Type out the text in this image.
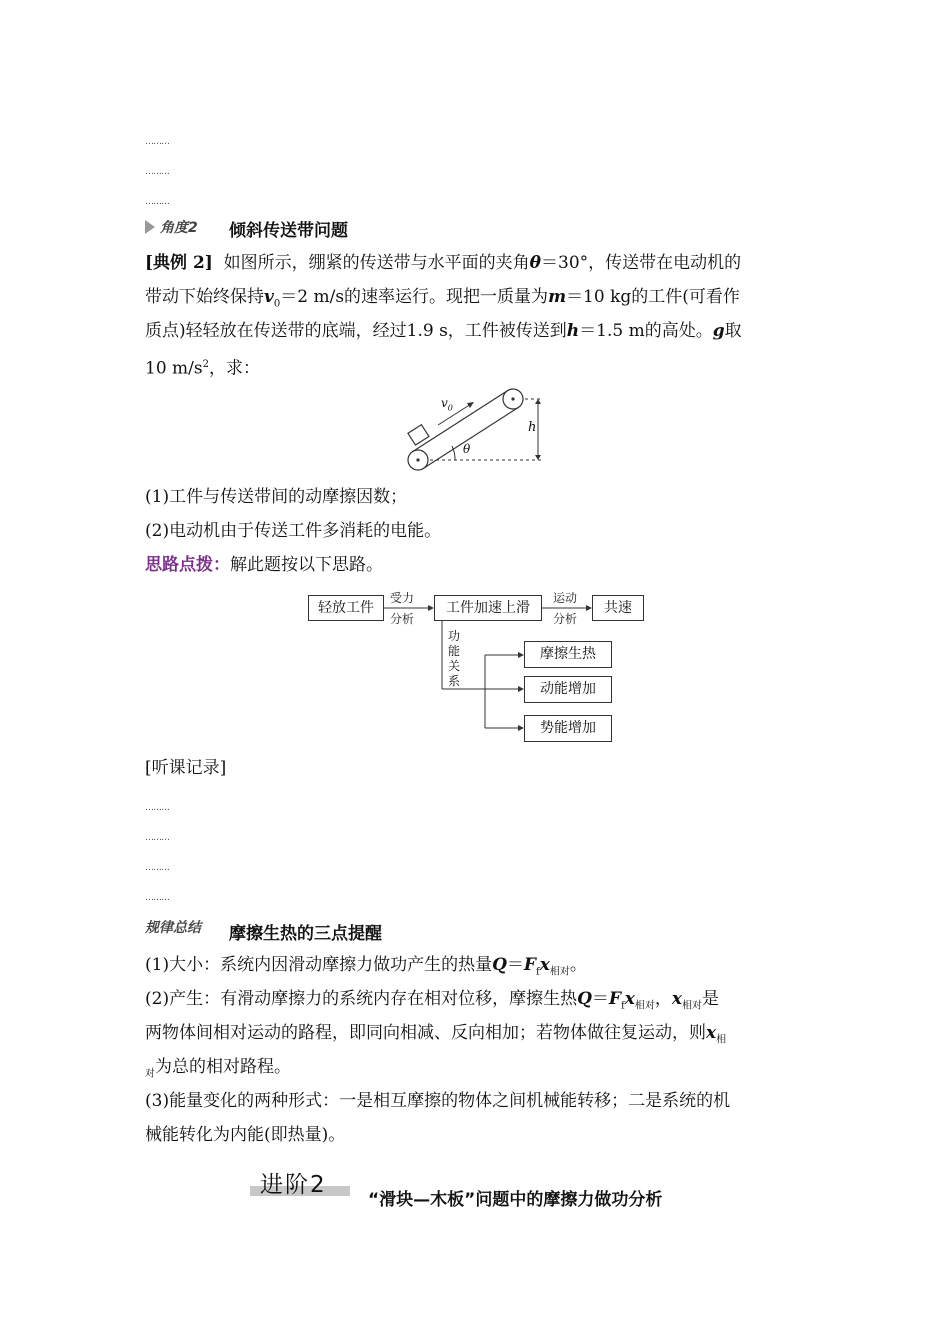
………
………
………
角度2 倾斜传送带问题
[典例 2] 如图所示，绷紧的传送带与水平面的夹角θ＝30°，传送带在电动机的
带动下始终保持$v_0=2$ m/s的速率运行。现把一质量为m＝10 kg的工件(可看作
质点)轻轻放在传送带的底端，经过1.9 s，工件被传送到h＝1.5 m的高处。g取
10 $m/s^2$，求：
$v_0$
h
θ
(1)工件与传送带间的动摩擦因数；
(2)电动机由于传送工件多消耗的电能。
思路点拨：解此题按以下思路。
轻放工件
受力
分析
工件加速上滑
运动
分析
共速
功
能
关
系
摩擦生热
动能增加
势能增加
[听课记录]
………
………
………
………
规律总结 摩擦生热的三点提醒
(1)大小：系统内因滑动摩擦力做功产生的热量$Q=F_fx_{相对}$。
(2)产生：有滑动摩擦力的系统内存在相对位移，摩擦生热$Q=F_fx_{相对}$，$x_{相对}$是
两物体间相对运动的路程，即同向相减、反向相加；若物体做往复运动，则$x_相$
$_对$为总的相对路程。
(3)能量变化的两种形式：一是相互摩擦的物体之间机械能转移；二是系统的机
械能转化为内能(即热量)。
进阶2
“滑块—木板”问题中的摩擦力做功分析
